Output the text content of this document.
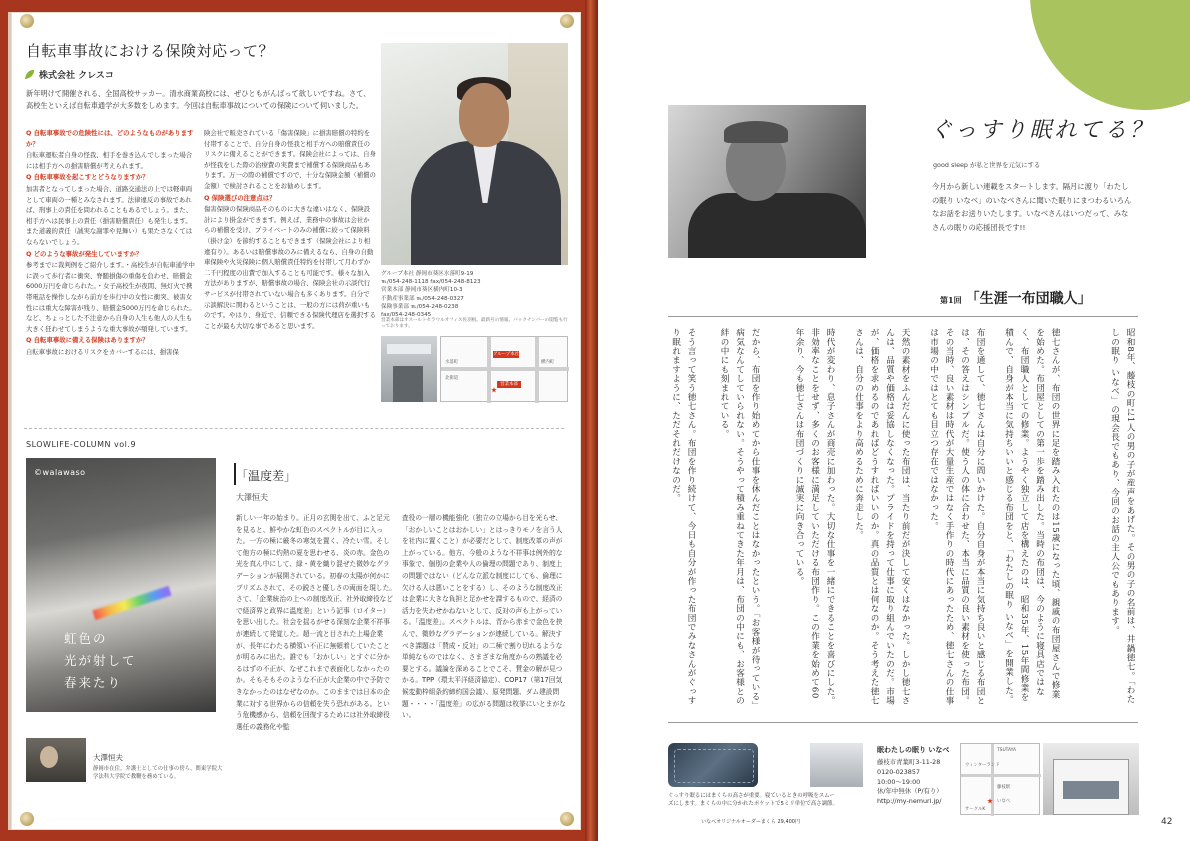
自転車事故における保険対応って？
株式会社 クレスコ
新年明けて開催される、全国高校サッカー。清水商業高校には、ぜひともがんばって欲しいですね。さて、高校生といえば自転車通学が大多数をしめます。今回は自転車事故についての保険について伺いました。

Q 自転車事故での危険性には、どのようなものがありますか？

自転車運転者自身の怪我、相手を巻き込んでしまった場合には相手方への損害賠償が考えられます。

Q 自転車事故を起こすとどうなりますか？

加害者となってしまった場合、道路交通法の上では軽車両として車両の一種とみなされます。法律違反の事故であれば、刑事上の責任を問われることもあるでしょう。また、相手方へは民事上の責任（損害賠償責任）も発生します。また道義的責任（誠実な謝罪や見舞い）も果たさなくてはならないでしょう。

Q どのような事故が発生していますか？

参考までに裁判例をご紹介します。・高校生が自転車通学中に誤って歩行者に衝突、脊髄損傷の重傷を負わせ、賠償金6000万円を命じられた。・女子高校生が夜間、無灯火で携帯電話を操作しながら前方を歩行中の女性に衝突、被害女性には重大な障害が残り、賠償金5000万円を命じられた。など、ちょっとした不注意から自身の人生も他人の人生も大きく狂わせてしまうような重大事故が頻発しています。

Q 自転車事故に備える保険はありますか？

自転車事故におけるリスクをカバーするには、損害保

険会社で販売されている「傷害保険」に損害賠償の特約を付帯することで、自分自身の怪我と相手方への賠償責任のリスクに備えることができます。保険会社によっては、自身が怪我をした際の治療費の実費まで補償する保険商品もあります。万一の際の補償ですので、十分な保険金額（補償の金額）で検討されることをお勧めします。

Q 保険選びの注意点は？

傷害保険の保険商品そのものに大きな違いはなく、保険設計により掛金ができます。例えば、業務中の事故は会社からの補償を受け、プライベートのみの補償に絞って保険料（掛け金）を節約することもできます（保険会社により相違有り）。あるいは賠償事故のみに備えるなら、自身の自動車保険や火災保険に個人賠償責任特約を付帯して月わずか二千円程度の出費で加入することも可能です。様々な加入方法がありますが、賠償事故の場合、保険会社の示談代行サービスが付帯されていない場合も多くあります。自分で示談解決に関わるということは、一般の方には荷が重いものです。やはり、身近で、信頼できる保険代理店を選択することが最も大切な事であると思います。

グループ本社 静岡市葵区水落町9-19
℡/054-248-1118 fax/054-248-8123
営業本部 静岡市葵区横内町10-3
不動産事業部 ℡/054-248-0327
保険事業部 ℡/054-248-0238
fax/054-248-0345
営業本部はオスールトセラウルオフィス佐羽根。最新号の情報。バックナンバーの閲覧も行っております。
グループ本社
営業本部
水落町
北街道
横内町
SLOWLIFE-COLUMN vol.9
©walawaso
虹色の
光が射して
春来たり
「温度差」
大澤恒夫
新しい一年の始まり。正月の玄関を出て、ふと足元を見ると、鮮やかな虹色のスペクトルが目に入った。一方の極に厳冬の寒気を置く、冷たい雪。そして他方の極に灼熱の夏を思わせる、炎の赤。金色の光を真ん中にして、緑・黄を織り混ぜた微妙なグラデーションが展開されている。初春の太陽が何かにプリズムされて、その鋭さと優しさの両面を現した。さて、「企業統治の上への制度改正、社外取締役などで経済界と政界に温度差」という記事（ロイター）を思い出した。社会を揺るがせる深刻な企業不祥事が連続して発覚した。超一流と目された上場企業が、長年にわたる横領い不正に無頓着していたことが明るみに出た。誰でも「おかしい」とすぐに分かるはずの不正が、なぜこれまで表面化しなかったのか。そもそもそのような不正が大企業の中で予防できなかったのはなぜなのか。このままでは日本の企業に対する世界からの信頼を失う恐れがある。という危機感から、信頼を回復するためには社外取締役選任の義務化や監
査役の一層の機能強化（独立の立場から目を光らせ、「おかしいことはおかしい」とはっきりモノを言う人を社内に置くこと）が必要だとして、制度改革の声が上がっている。他方、今般のような不祥事は例外的な事象で、個別の企業や人の倫理の問題であり、制度上の問題ではない（どんな立派な制度にしても、倫理に欠ける人は悪いことをする）し、そのような制度改正は企業に大きな負担と足かせを課するもので、経済の活力を失わせかねないとして、反対の声も上がっている。「温度差」。スペクトルは、青から赤まで金色を挟んで、微妙なグラデーションが連続している。解決すべき課題は「賛成・反対」の二極で割り切れるような単純なものではなく、さまざまな角度からの熟議を必要とする。議論を深めることでこそ、賛金の解が見つかる。TPP（環太平洋経済協定）、COP17（第17回気候変動枠組条約締約国会議）、原発問題、ダム建設問題・・・・「温度差」の広がる問題は枚挙にいとまがない。
大澤恒夫
静岡市在住。弁護士としての仕事の傍ら、関東学院大学法科大学院で教鞭を務めている。
ぐっすり眠れてる？
good sleep が私と世界を元気にする
今月から新しい連載をスタートします。隔月に渡り「わたしの眠り いなべ」のいなべさんに聞いた眠りにまつわるいろんなお話をお送りいたします。いなべさんはいつだって、みなさんの眠りの応援団長です!!
第1回 「生涯一布団職人」
昭和8年、藤枝の町に1人の男の子が産声をあげた。その男の子の名前は、井鍋徳七。「わたしの眠り いなべ」の現会長でもあり、今回のお話の主人公でもあります。
徳七さんが、布団の世界に足を踏み入れたのは15歳になった頃、親戚の布団屋さんで修業を始めた。布団屋としての第一歩を踏み出した。当時の布団は、今のように寝具店ではなく、布団職人としての修業。ようやく独立して店を構えたのは、昭和35年、15年間修業を積んで、自身が本当に気持ちいいと感じる布団をと、「わたしの眠り いなべ」を開業した。
布団を通して、徳七さんは自分に問いかけた。自分自身が本当に気持ち良いと感じる布団とは、その答えはシンプルだ。使う人の体に合わせた、本当に品質の良い素材を使った布団。その当時、良い素材は時代が大量生産ではなく手作りの時代にあったため、徳七さんの仕事は市場の中ではとても目立つ存在ではなかった。
天然の素材をふんだんに使った布団は、当たり前だが決して安くはなかった。しかし徳七さんは、品質や価格は妥協しなくなった。プライドを持って仕事に取り組んでいたのだ。市場が、価格を求めるのであればどうすればいいのか。真の品質とは何なのか。そう考えた徳七さんは、自分の仕事をより高めるために奔走した。
時代が変わり、息子さんが商売に加わった。大切な仕事を一緒にできることを喜びにした。非効率なことをせず、多くのお客様に満足していただける布団作り。この作業を始めて60年余り、今も徳七さんは布団づくりに誠実に向き合っている。
だから、布団を作り始めてから仕事を休んだことはなかったという。「お客様が待っている」病気なんてしていられない。そうやって積み重ねてきた年月は、布団の中にも、お客様との絆の中にも刻まれている。
そう言って笑う徳七さん。布団を作り続けて、今日も自分が作った布団でみなさんがぐっすり眠れますように、ただそれだけなのだ。
ぐっすり眠るにはまくらの高さが重要。寝ているときの呼吸をスムーズにします。まくらの中に分かれたポケットで5ミリ単位で高さ調節。
いなべオリジナルオーダーまくら 29,400円
眠わたしの眠り いなべ
藤枝市青葉町3-11-28
0120-023857
10:00～19:00
休/年中無休（P/有り）
http://my-nemuri.jp/
TSUTAYA
ウィンターランド
藤枝駅
サークルK
いなべ
42
